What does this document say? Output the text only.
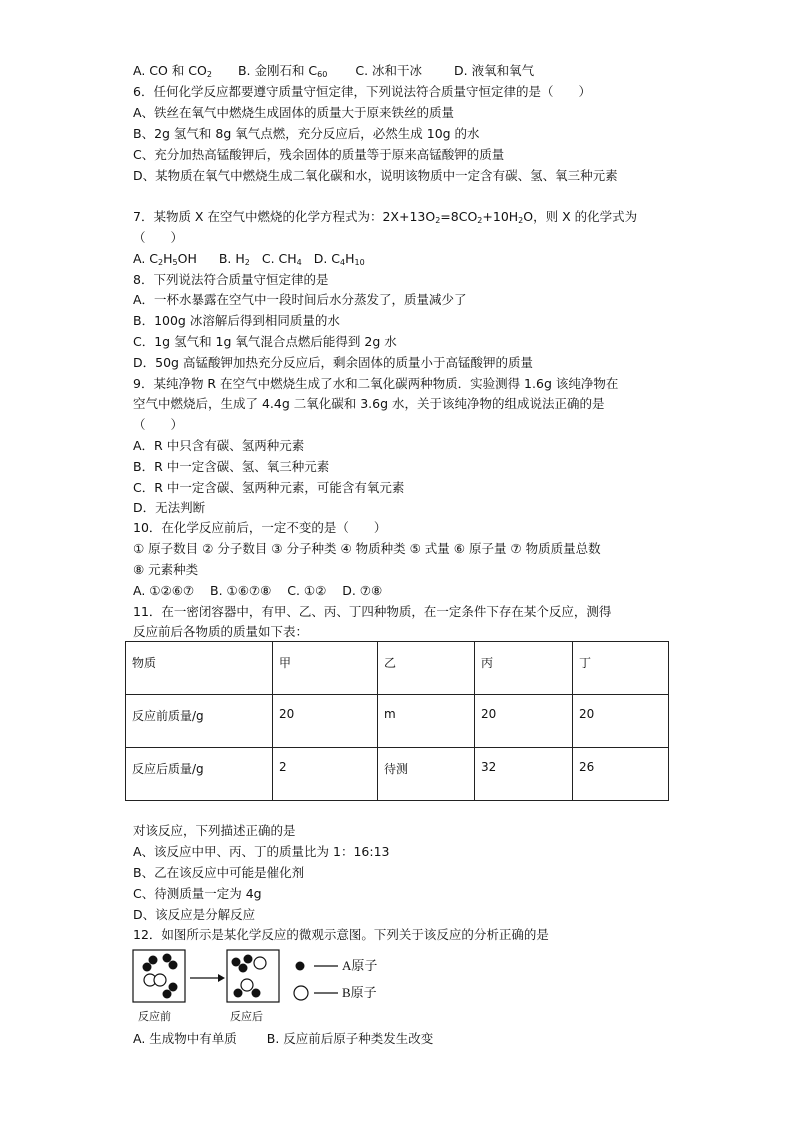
A. CO 和 $CO_2$ B. 金刚石和 $C_{60}$ C. 冰和干冰	D. 液氧和氧气
6．任何化学反应都要遵守质量守恒定律，下列说法符合质量守恒定律的是（　　）
A、铁丝在氧气中燃烧生成固体的质量大于原来铁丝的质量
B、2g 氢气和 8g 氧气点燃，充分反应后，必然生成 10g 的水
C、充分加热高锰酸钾后，残余固体的质量等于原来高锰酸钾的质量
D、某物质在氧气中燃烧生成二氧化碳和水，说明该物质中一定含有碳、氢、氧三种元素
7．某物质 X 在空气中燃烧的化学方程式为：$2X+13O_2=8CO_2+10H_2O$，则 X 的化学式为
（　　）
A. $C_2H_5OH$ B. $H_2$ C. $CH_4$ D. $C_4H_{10}$
8．下列说法符合质量守恒定律的是
A．一杯水暴露在空气中一段时间后水分蒸发了，质量减少了
B．100g 冰溶解后得到相同质量的水
C．1g 氢气和 1g 氧气混合点燃后能得到 2g 水
D．50g 高锰酸钾加热充分反应后，剩余固体的质量小于高锰酸钾的质量
9．某纯净物 R 在空气中燃烧生成了水和二氧化碳两种物质．实验测得 1.6g 该纯净物在
空气中燃烧后，生成了 4.4g 二氧化碳和 3.6g 水，关于该纯净物的组成说法正确的是
（　　）
A．R 中只含有碳、氢两种元素
B．R 中一定含碳、氢、氧三种元素
C．R 中一定含碳、氢两种元素，可能含有氧元素
D．无法判断
10．在化学反应前后，一定不变的是（　　）
① 原子数目 ② 分子数目 ③ 分子种类 ④ 物质种类 ⑤ 式量 ⑥ 原子量 ⑦ 物质质量总数
⑧ 元素种类
A. ①②⑥⑦    B. ①⑥⑦⑧    C. ①②    D. ⑦⑧
11．在一密闭容器中，有甲、乙、丙、丁四种物质，在一定条件下存在某个反应，测得
反应前后各物质的质量如下表：
物质	甲	乙	丙	丁
反应前质量/g	20	m	20	20
反应后质量/g	2	待测	32	26
对该反应，下列描述正确的是
A、该反应中甲、丙、丁的质量比为 1：16:13
B、乙在该反应中可能是催化剂
C、待测质量一定为 4g
D、该反应是分解反应
12．如图所示是某化学反应的微观示意图。下列关于该反应的分析正确的是
A原子
B原子
反应前	反应后
A. 生成物中有单质 B. 反应前后原子种类发生改变
